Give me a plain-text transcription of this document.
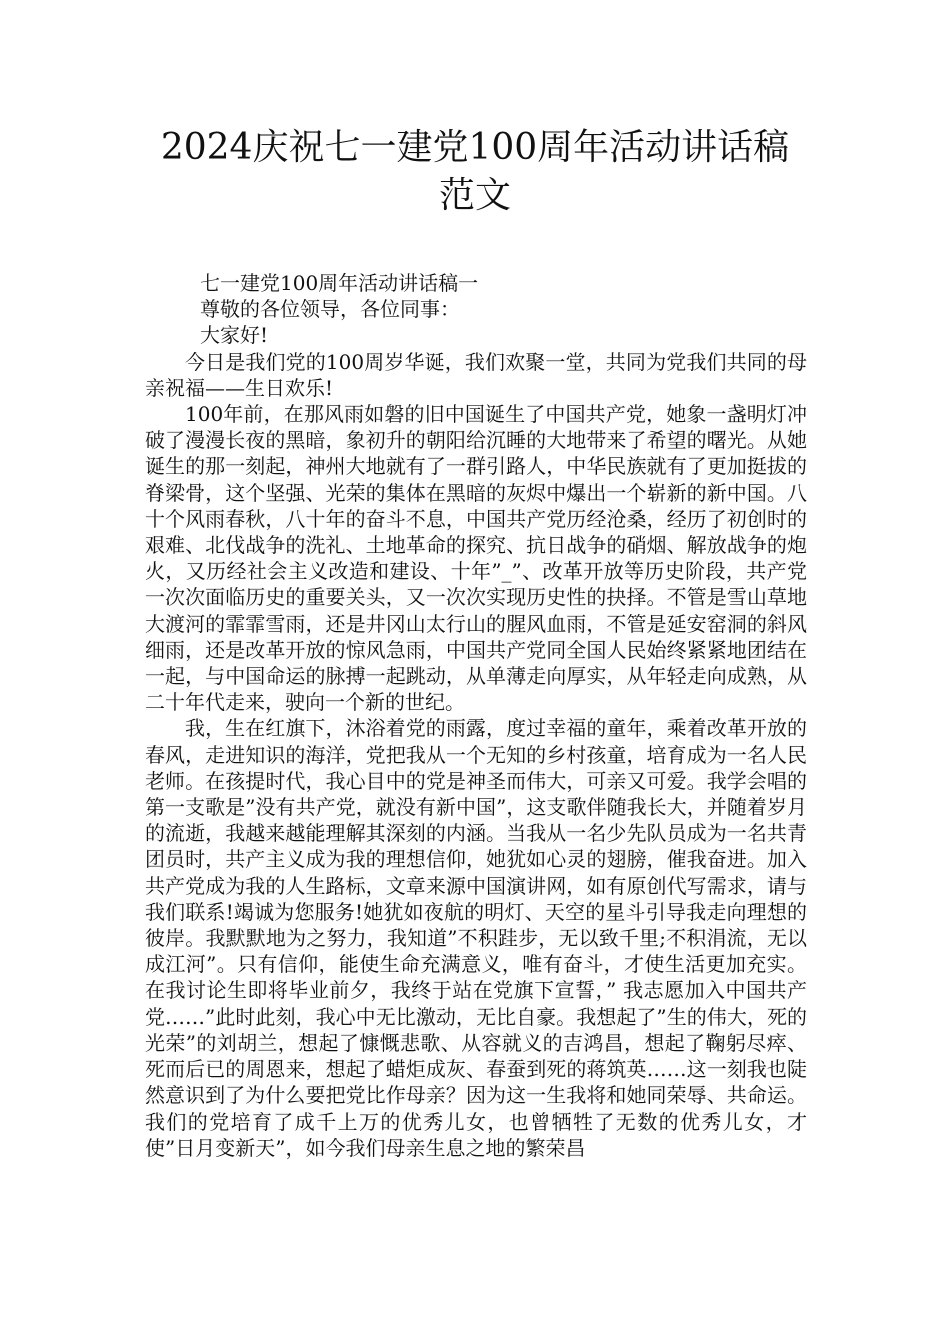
2024庆祝七一建党100周年活动讲话稿范文

七一建党100周年活动讲话稿一

尊敬的各位领导，各位同事：

大家好!

今日是我们党的100周岁华诞，我们欢聚一堂，共同为党我们共同的母亲祝福——生日欢乐!

100年前，在那风雨如磐的旧中国诞生了中国共产党，她象一盏明灯冲破了漫漫长夜的黑暗，象初升的朝阳给沉睡的大地带来了希望的曙光。从她诞生的那一刻起，神州大地就有了一群引路人，中华民族就有了更加挺拔的脊梁骨，这个坚强、光荣的集体在黑暗的灰烬中爆出一个崭新的新中国。八十个风雨春秋，八十年的奋斗不息，中国共产党历经沧桑，经历了初创时的艰难、北伐战争的洗礼、土地革命的探究、抗日战争的硝烟、解放战争的炮火，又历经社会主义改造和建设、十年”_”、改革开放等历史阶段，共产党一次次面临历史的重要关头，又一次次实现历史性的抉择。不管是雪山草地大渡河的霏霏雪雨，还是井冈山太行山的腥风血雨，不管是延安窑洞的斜风细雨，还是改革开放的惊风急雨，中国共产党同全国人民始终紧紧地团结在一起，与中国命运的脉搏一起跳动，从单薄走向厚实，从年轻走向成熟，从二十年代走来，驶向一个新的世纪。

我，生在红旗下，沐浴着党的雨露，度过幸福的童年，乘着改革开放的春风，走进知识的海洋，党把我从一个无知的乡村孩童，培育成为一名人民老师。在孩提时代，我心目中的党是神圣而伟大，可亲又可爱。我学会唱的第一支歌是”没有共产党，就没有新中国”，这支歌伴随我长大，并随着岁月的流逝，我越来越能理解其深刻的内涵。当我从一名少先队员成为一名共青团员时，共产主义成为我的理想信仰，她犹如心灵的翅膀，催我奋进。加入共产党成为我的人生路标，文章来源中国演讲网，如有原创代写需求，请与我们联系!竭诚为您服务!她犹如夜航的明灯、天空的星斗引导我走向理想的彼岸。我默默地为之努力，我知道”不积跬步，无以致千里;不积涓流，无以成江河”。只有信仰，能使生命充满意义，唯有奋斗，才使生活更加充实。在我讨论生即将毕业前夕，我终于站在党旗下宣誓，” 我志愿加入中国共产党……”此时此刻，我心中无比激动，无比自豪。我想起了”生的伟大，死的光荣”的刘胡兰，想起了慷慨悲歌、从容就义的吉鸿昌，想起了鞠躬尽瘁、死而后已的周恩来，想起了蜡炬成灰、春蚕到死的蒋筑英……这一刻我也陡然意识到了为什么要把党比作母亲？因为这一生我将和她同荣辱、共命运。我们的党培育了成千上万的优秀儿女，也曾牺牲了无数的优秀儿女，才使”日月变新天”，如今我们母亲生息之地的繁荣昌
